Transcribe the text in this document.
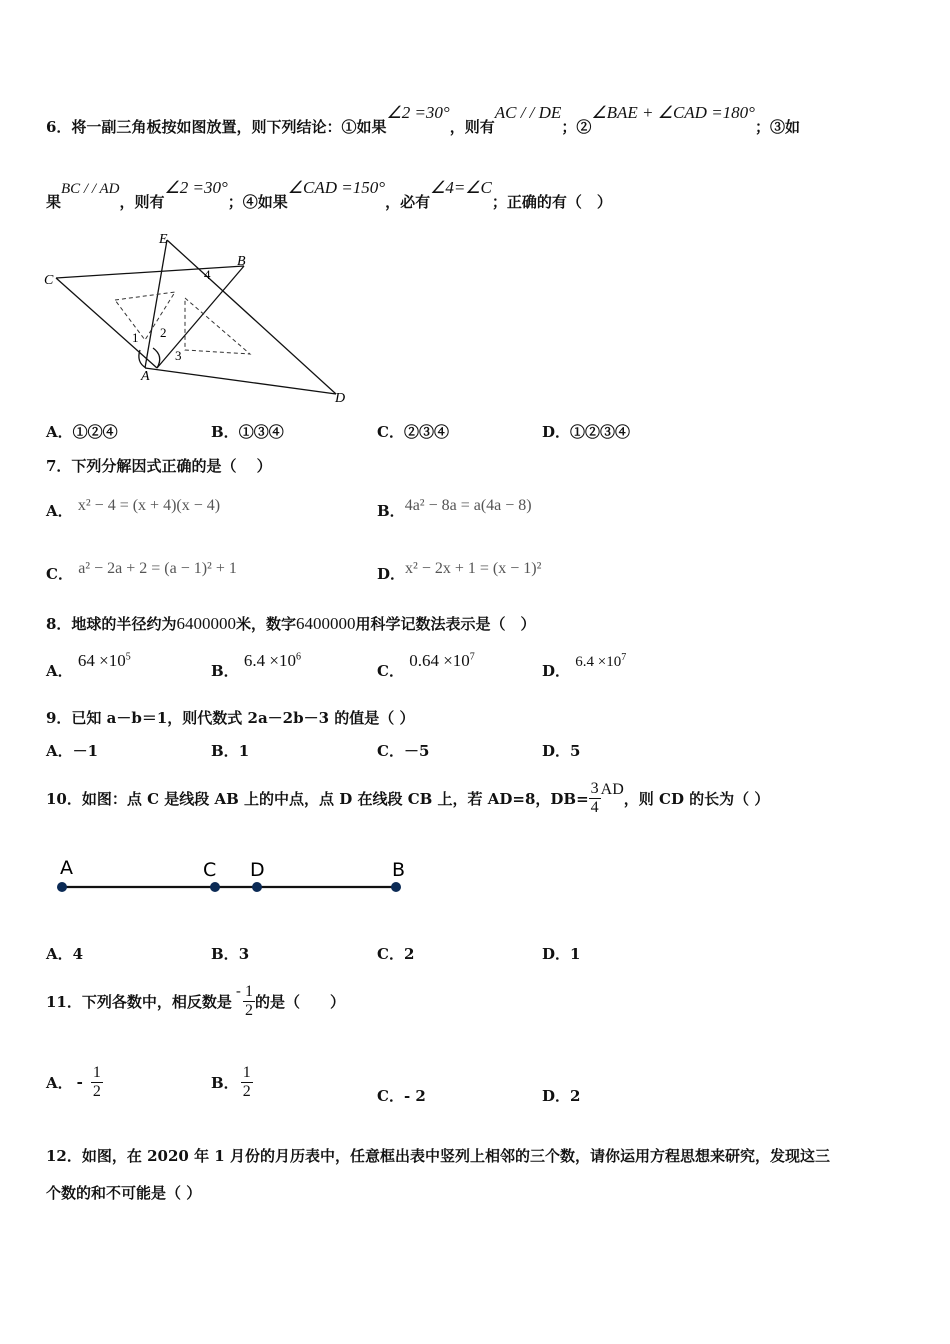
6．将一副三角板按如图放置，则下列结论：①如果∠2 =30°，则有AC / / DE；②∠BAE + ∠CAD =180°；③如
果BC / / AD，则有∠2 =30°；④如果∠CAD =150°，必有∠4=∠C；正确的有（　）
E
B
C	4
1 2
3
A
D
A．①②④	B．①③④	C．②③④	D．①②③④
7．下列分解因式正确的是（　 ）
A． x² − 4 = (x + 4)(x − 4)	B．4a² − 8a = a(4a − 8)
C． a² − 2a + 2 = (a − 1)² + 1	D．x² − 2x + 1 = (x − 1)²
8．地球的半径约为6400000米，数字6400000用科学记数法表示是（　）
A． $64 \times 10^5$
B． $6.4 \times 10^6$
C． $0.64 \times 10^7$
D． $6.4 \times 10^7$
9．已知 a－b＝1，则代数式 2a－2b－3 的值是（ ）
A．－1	B．1	C．－5	D．5
10．如图：点 C 是线段 AB 上的中点，点 D 在线段 CB 上，若 AD=8，$DB= \frac{3}{4}$ AD ，则 CD 的长为（ ）
A	C D	B
A．4	B．3	C．2	D．1
11．下列各数中，相反数是
- $\frac{1}{2}$ 的是（　　）
A． - $\frac{1}{2}$	B． $\frac{1}{2}$	C．- 2	D．2
12．如图，在 2020 年 1 月份的月历表中，任意框出表中竖列上相邻的三个数，请你运用方程思想来研究，发现这三
个数的和不可能是（ ）
